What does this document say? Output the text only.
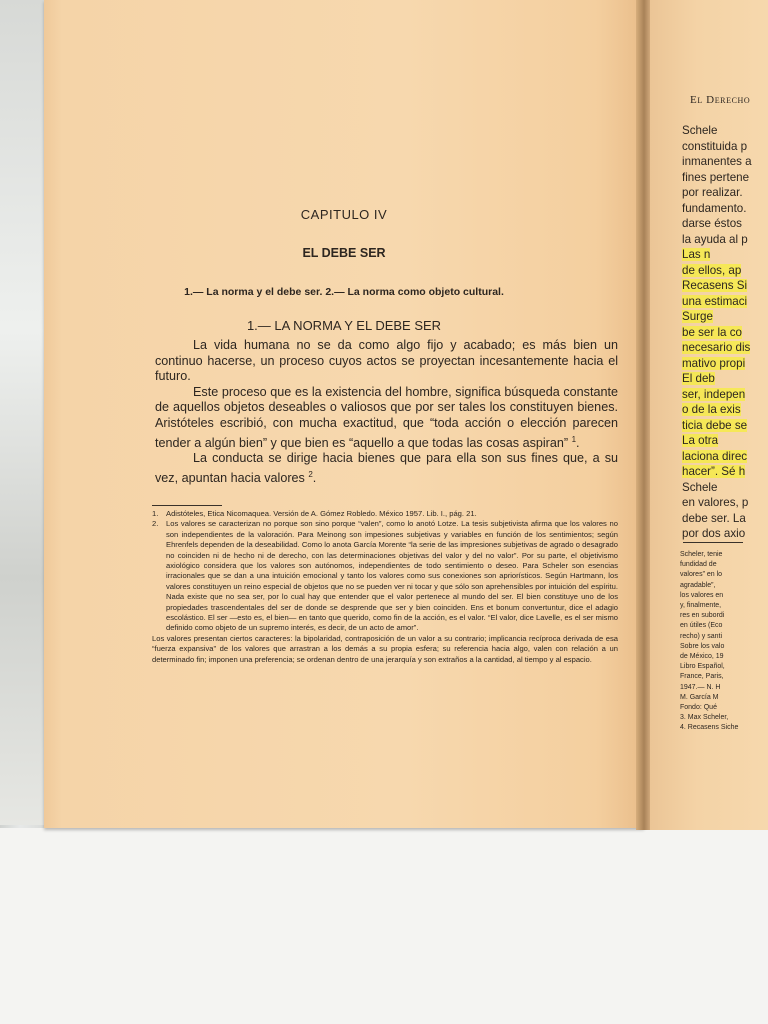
CAPITULO IV
EL DEBE SER
1.— La norma y el debe ser. 2.— La norma como objeto cultural.
1.— LA NORMA Y EL DEBE SER

La vida humana no se da como algo fijo y acabado; es más bien un continuo hacerse, un proceso cuyos actos se proyectan incesantemente hacia el futuro.

Este proceso que es la existencia del hombre, significa búsqueda constante de aquellos objetos deseables o valiosos que por ser tales los constituyen bienes. Aristóteles escribió, con mucha exactitud, que “toda acción o elección parecen tender a algún bien” y que bien es “aquello a que todas las cosas aspiran” $^1$.

La conducta se dirige hacia bienes que para ella son sus fines que, a su vez, apuntan hacia valores $^2$.

1.	Adistóteles, Etica Nicomaquea. Versión de A. Gómez Robledo. México 1957. Lib. I., pág. 21.
2.	Los valores se caracterizan no porque son sino porque “valen”, como lo anotó Lotze. La tesis subjetivista afirma que los valores no son independientes de la valoración. Para Meinong son impesiones subjetivas y variables en función de los sentimientos; según Ehrenfels dependen de la deseabilidad. Como lo anota García Morente “la serie de las impresiones subjetivas de agrado o desagrado no coinciden ni de hecho ni de derecho, con las determinaciones objetivas del valor y del no valor”. Por su parte, el objetivismo axiológico considera que los valores son autónomos, independientes de todo sentimiento o deseo. Para Scheler son esencias irracionales que se dan a una intuición emocional y tanto los valores como sus conexiones son apriorísticos. Según Hartmann, los valores constituyen un reino especial de objetos que no se pueden ver ni tocar y que sólo son aprehensibles por intuición del espíritu. Nada existe que no sea ser, por lo cual hay que entender que el valor pertenece al mundo del ser. El bien constituye uno de los propiedades trascendentales del ser de donde se desprende que ser y bien coinciden. Ens et bonum convertuntur, dice el adagio escolástico. El ser —esto es, el bien— en tanto que querido, como fin de la acción, es el valor. “El valor, dice Lavelle, es el ser mismo definido como objeto de un supremo interés, es decir, de un acto de amor”.

Los valores presentan ciertos caracteres: la bipolaridad, contraposición de un valor a su contrario; implicancia recíproca derivada de esa “fuerza expansiva” de los valores que arrastran a los demás a su propia esfera; su referencia hacia algo, valen con relación a un determinado fin; imponen una preferencia; se ordenan dentro de una jerarquía y son extraños a la cantidad, al tiempo y al espacio.

El Derecho
Schele
constituida p
inmanentes a
fines pertene
por realizar.
fundamento.
darse éstos
la ayuda al p
Las n
de ellos, ap
Recasens Si
una estimaci
Surge
be ser la co
necesario dis
mativo propi
El deb
ser, indepen
o de la exis
ticia debe se
La otra
laciona direc
hacer”. Sé h
Schele
en valores, p
debe ser. La
por dos axio
Scheler, tenie
fundidad de
valores” en lo
agradable”,
los valores en
y, finalmente,
res en subordi
en útiles (Eco
recho) y santi
Sobre los valo
de México, 19
Libro Español,
France, Paris,
1947.— N. H
M. García M
Fondo: Qué
3. Max Scheler,
4. Recasens Siche
